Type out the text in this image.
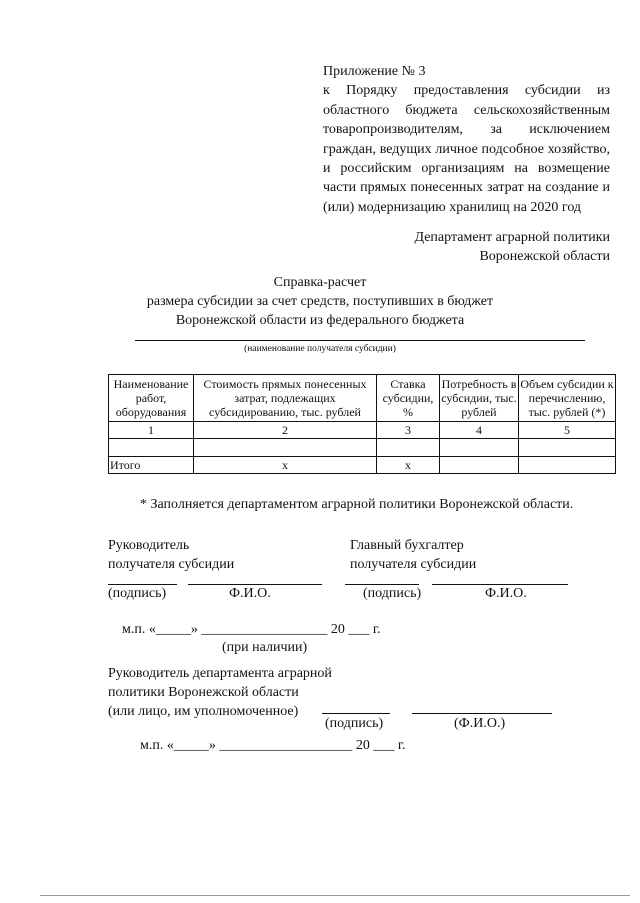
Приложение № 3
к Порядку предоставления субсидии из областного бюджета сельскохозяйственным товаропроизводителям, за исключением граждан, ведущих личное подсобное хозяйство, и российским организациям на возмещение части прямых понесенных затрат на создание и (или) модернизацию хранилищ на 2020 год
Департамент аграрной политики
Воронежской области
Справка-расчет
размера субсидии за счет средств, поступивших в бюджет
Воронежской области из федерального бюджета
(наименование получателя субсидии)
Наименование работ, оборудования	Стоимость прямых понесенных затрат, подлежащих субсидированию, тыс. рублей	Ставка субсидии, %	Потребность в субсидии, тыс. рублей	Объем субсидии к перечислению, тыс. рублей (*)
1	2	3	4	5

Итого	х	х		
* Заполняется департаментом аграрной политики Воронежской области.
Руководитель
получателя субсидии
Главный бухгалтер
получателя субсидии
(подпись)	Ф.И.О.	(подпись)	Ф.И.О.
м.п. «_____» __________________ 20 ___ г.
(при наличии)
Руководитель департамента аграрной
политики Воронежской области
(или лицо, им уполномоченное)
(подпись)	(Ф.И.О.)
м.п. «_____» ___________________ 20 ___ г.
